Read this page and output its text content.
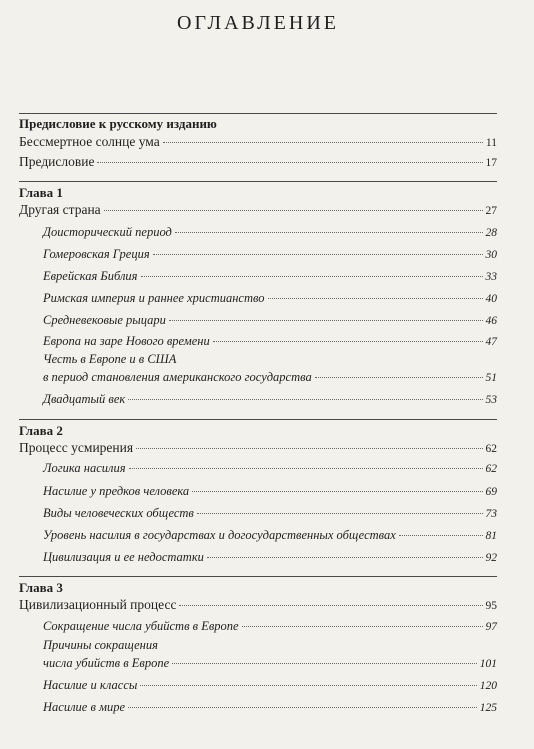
ОГЛАВЛЕНИЕ
Предисловие к русскому изданию
Бессмертное солнце ума	11
Предисловие	17
Глава 1
Другая страна	27
Доисторический период	28
Гомеровская Греция	30
Еврейская Библия	33
Римская империя и раннее христианство	40
Средневековые рыцари	46
Европа на заре Нового времени	47
Честь в Европе и в США
в период становления американского государства	51
Двадцатый век	53
Глава 2
Процесс усмирения	62
Логика насилия	62
Насилие у предков человека	69
Виды человеческих обществ	73
Уровень насилия в государствах и догосударственных обществах	81
Цивилизация и ее недостатки	92
Глава 3
Цивилизационный процесс	95
Сокращение числа убийств в Европе	97
Причины сокращения
числа убийств в Европе	101
Насилие и классы	120
Насилие в мире	125
